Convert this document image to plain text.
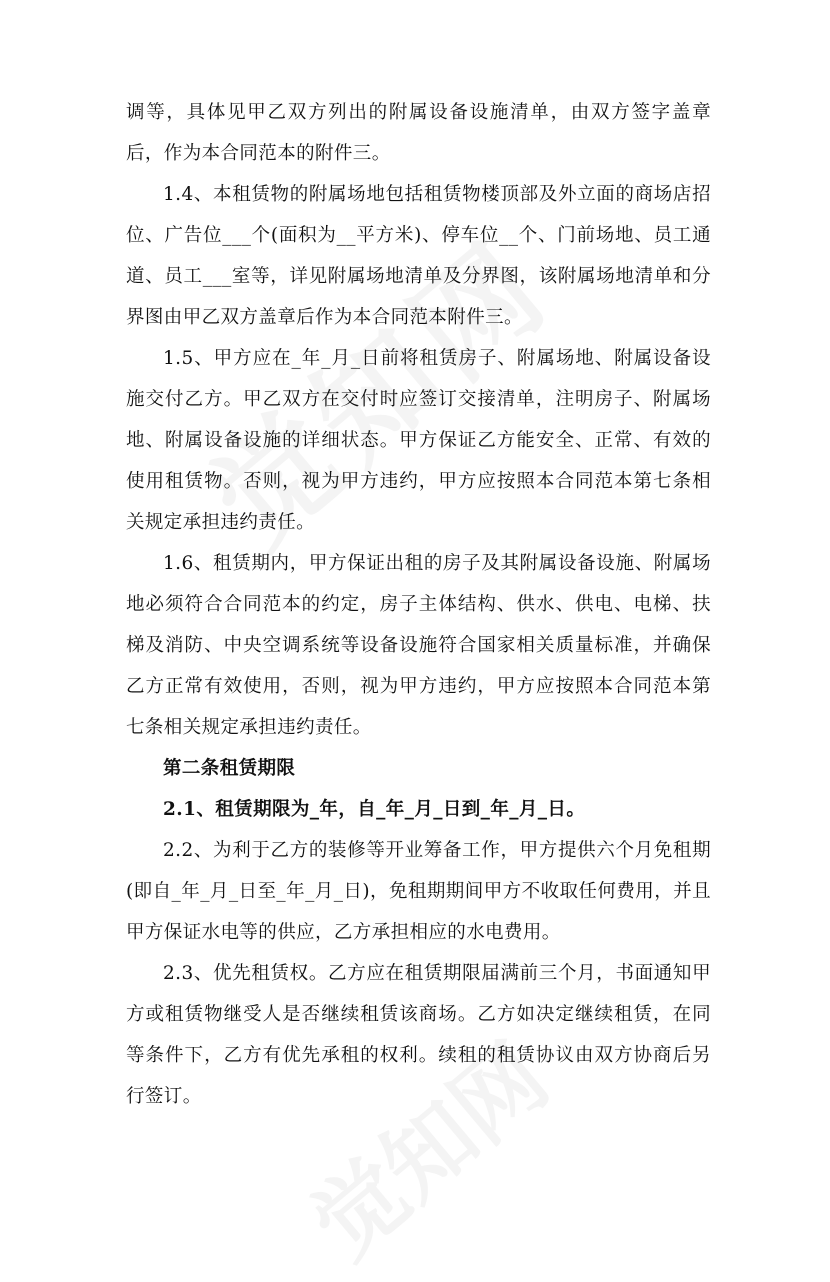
调等，具体见甲乙双方列出的附属设备设施清单，由双方签字盖章后，作为本合同范本的附件三。

1.4、本租赁物的附属场地包括租赁物楼顶部及外立面的商场店招位、广告位___个(面积为__平方米)、停车位__个、门前场地、员工通道、员工___室等，详见附属场地清单及分界图，该附属场地清单和分界图由甲乙双方盖章后作为本合同范本附件三。

1.5、甲方应在_年_月_日前将租赁房子、附属场地、附属设备设施交付乙方。甲乙双方在交付时应签订交接清单，注明房子、附属场地、附属设备设施的详细状态。甲方保证乙方能安全、正常、有效的使用租赁物。否则，视为甲方违约，甲方应按照本合同范本第七条相关规定承担违约责任。

1.6、租赁期内，甲方保证出租的房子及其附属设备设施、附属场地必须符合合同范本的约定，房子主体结构、供水、供电、电梯、扶梯及消防、中央空调系统等设备设施符合国家相关质量标准，并确保乙方正常有效使用，否则，视为甲方违约，甲方应按照本合同范本第七条相关规定承担违约责任。

第二条租赁期限

2.1、租赁期限为_年，自_年_月_日到_年_月_日。

2.2、为利于乙方的装修等开业筹备工作，甲方提供六个月免租期(即自_年_月_日至_年_月_日)，免租期期间甲方不收取任何费用，并且甲方保证水电等的供应，乙方承担相应的水电费用。

2.3、优先租赁权。乙方应在租赁期限届满前三个月，书面通知甲方或租赁物继受人是否继续租赁该商场。乙方如决定继续租赁，在同等条件下，乙方有优先承租的权利。续租的租赁协议由双方协商后另行签订。
